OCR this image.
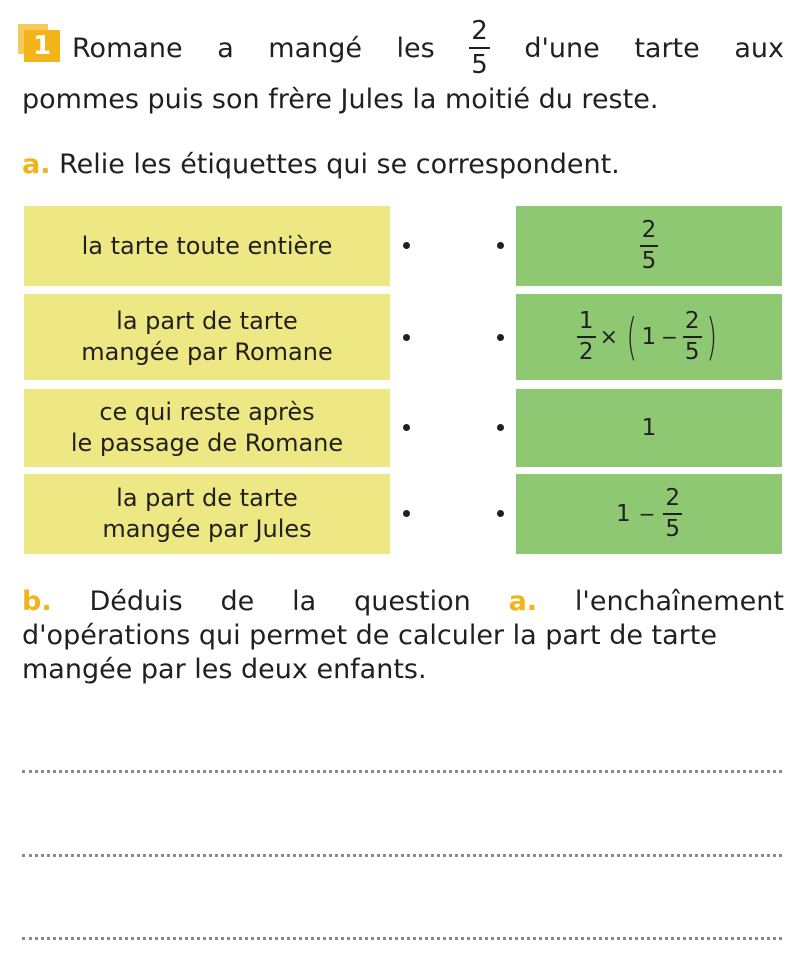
1 Romane a mangé les $\frac{2}{5} d'une$ tarte aux
pommes puis son frère Jules la moitié du reste.
a. Relie les étiquettes qui se correspondent.
la tarte toute entière
la part de tarte
mangée par Romane
ce qui reste après
le passage de Romane
la part de tarte
mangée par Jules
$\frac{2}{5}$
$\frac{1}{2}$ × ( $1 - \frac{2}{5}$ )
1
$1 - \frac{2}{5}$
b. Déduis de la question a. l'enchaînement
d'opérations qui permet de calculer la part de tarte
mangée par les deux enfants.
